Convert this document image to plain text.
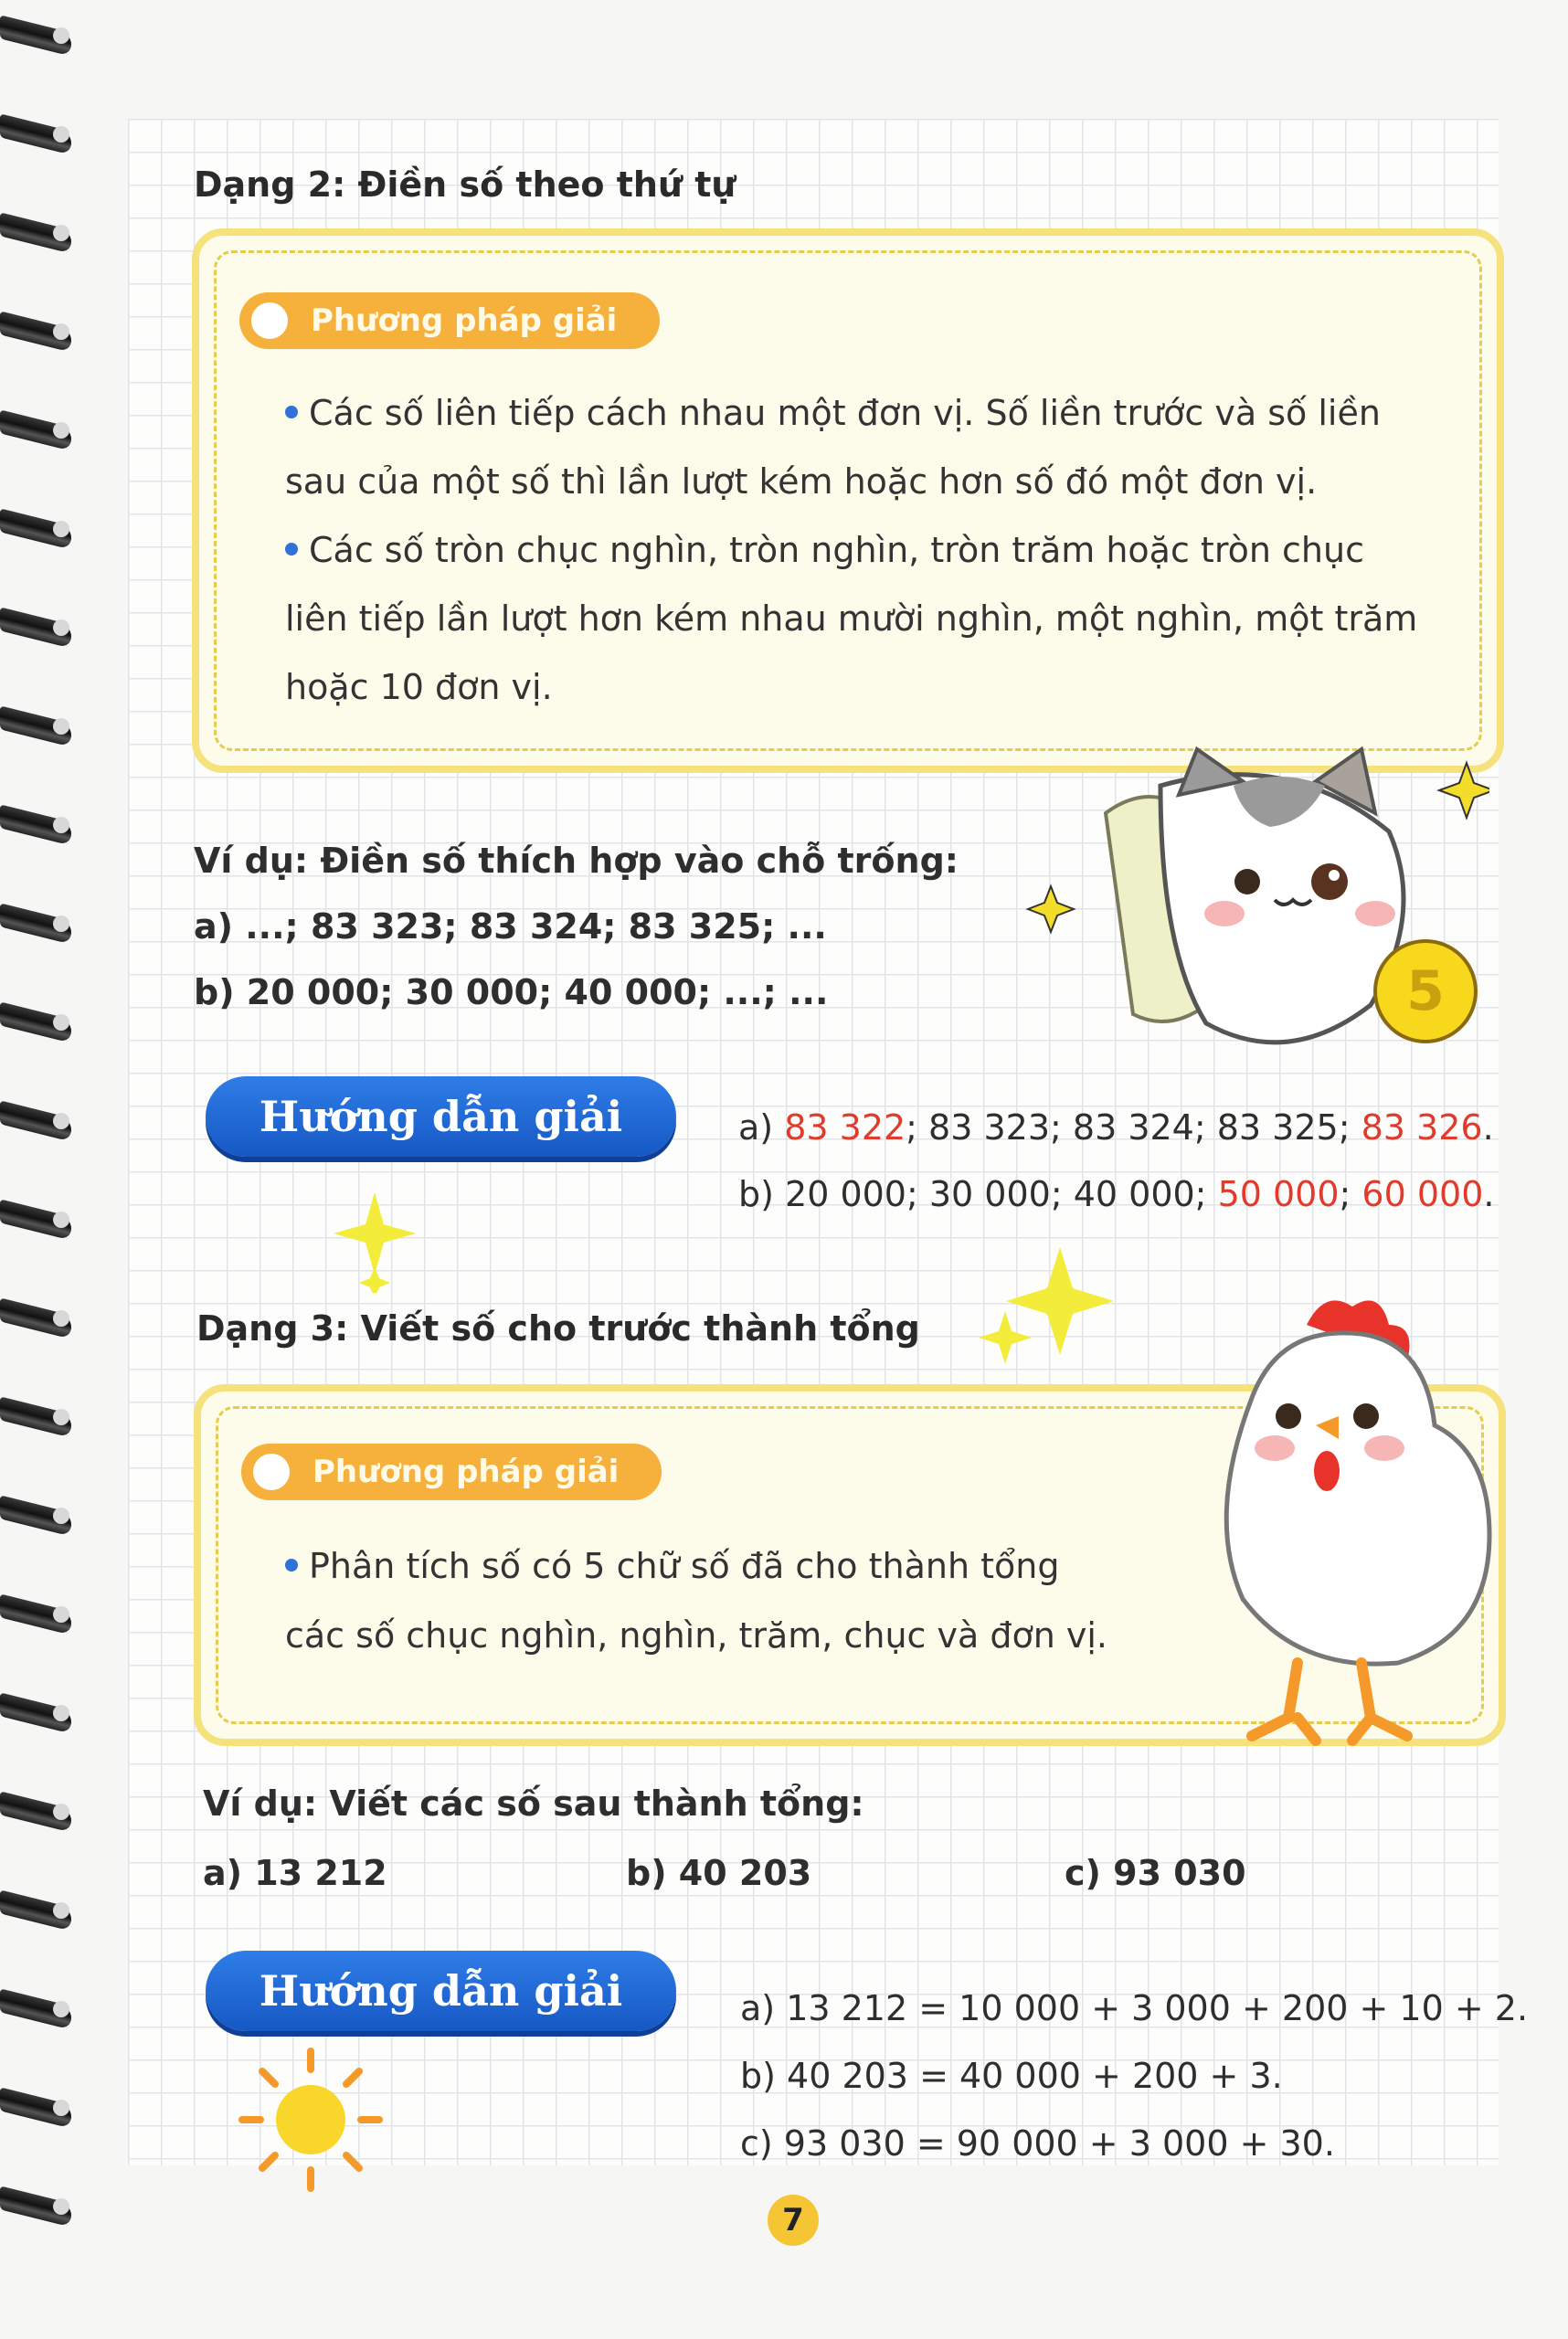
Dạng 2: Điền số theo thứ tự
Phương pháp giải
Các số liên tiếp cách nhau một đơn vị. Số liền trước và số liền
sau của một số thì lần lượt kém hoặc hơn số đó một đơn vị.
Các số tròn chục nghìn, tròn nghìn, tròn trăm hoặc tròn chục
liên tiếp lần lượt hơn kém nhau mười nghìn, một nghìn, một trăm
hoặc 10 đơn vị.
Ví dụ: Điền số thích hợp vào chỗ trống:
a) ...; 83 323; 83 324; 83 325; ...
b) 20 000; 30 000; 40 000; ...; ...	5
Hướng dẫn giải	a) 83 322; 83 323; 83 324; 83 325; 83 326.
b) 20 000; 30 000; 40 000; 50 000; 60 000.
Dạng 3: Viết số cho trước thành tổng
Phương pháp giải
Phân tích số có 5 chữ số đã cho thành tổng
các số chục nghìn, nghìn, trăm, chục và đơn vị.
Ví dụ: Viết các số sau thành tổng:
a) 13 212	b) 40 203	c) 93 030
Hướng dẫn giải	a) 13 212 = 10 000 + 3 000 + 200 + 10 + 2.
b) 40 203 = 40 000 + 200 + 3.
c) 93 030 = 90 000 + 3 000 + 30.
7
